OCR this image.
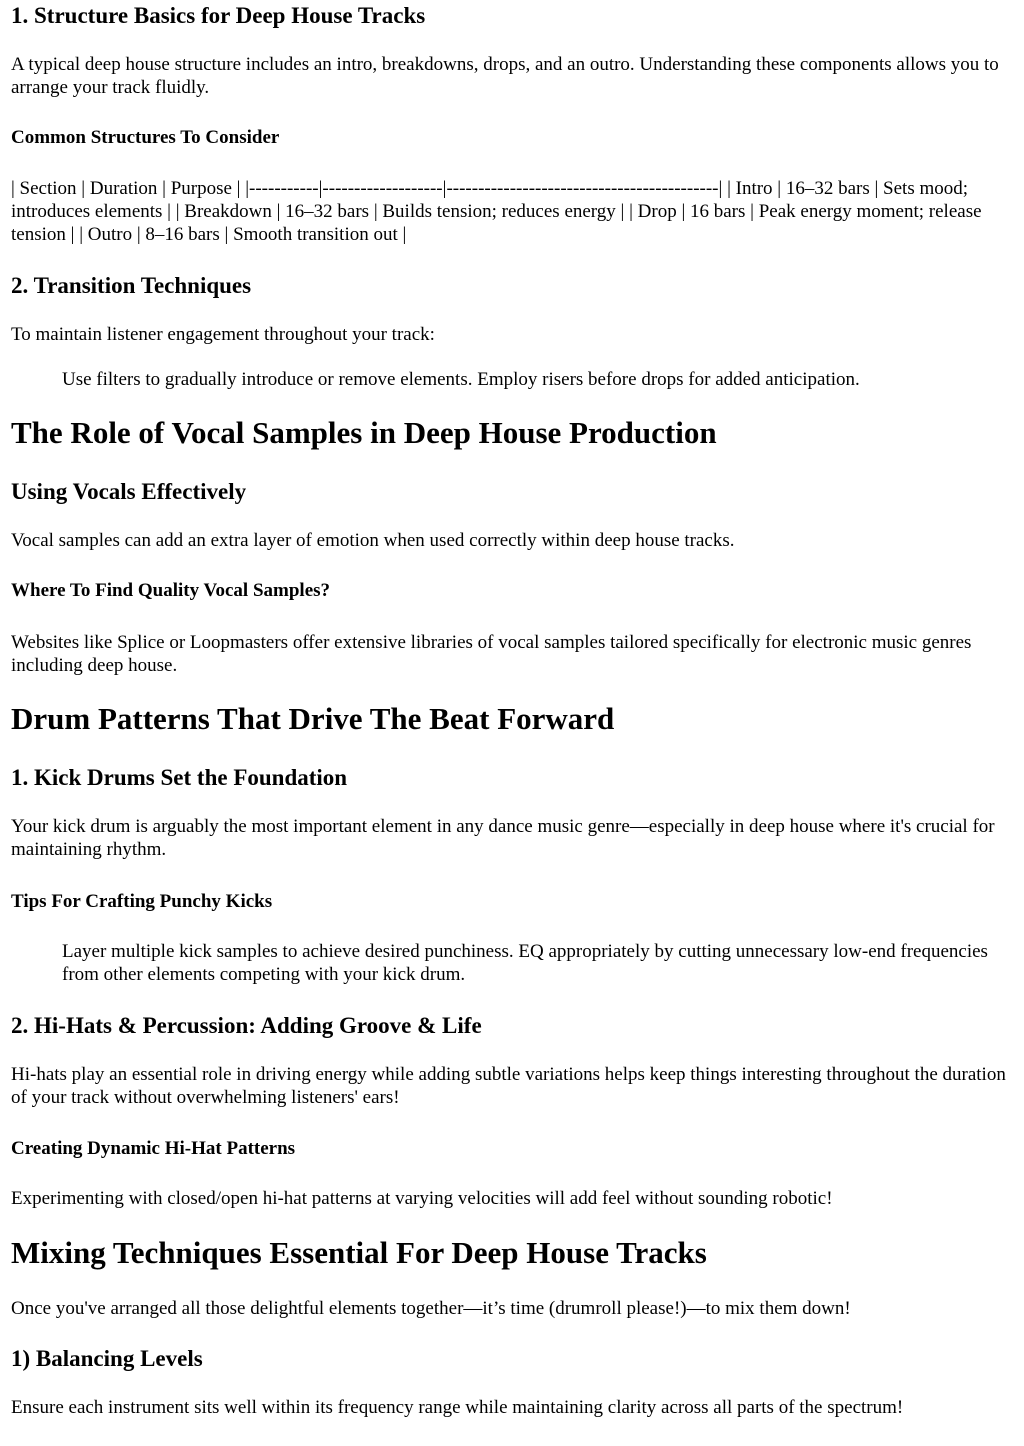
1. Structure Basics for Deep House Tracks

A typical deep house structure includes an intro, breakdowns, drops, and an outro. Understanding these components allows you to arrange your track fluidly.

Common Structures To Consider

| Section | Duration | Purpose | |-----------|-------------------|-------------------------------------------| | Intro | 16–32 bars | Sets mood; introduces elements | | Breakdown | 16–32 bars | Builds tension; reduces energy | | Drop | 16 bars | Peak energy moment; release tension | | Outro | 8–16 bars | Smooth transition out |

2. Transition Techniques

To maintain listener engagement throughout your track:

Use filters to gradually introduce or remove elements. Employ risers before drops for added anticipation.
The Role of Vocal Samples in Deep House Production
Using Vocals Effectively

Vocal samples can add an extra layer of emotion when used correctly within deep house tracks.

Where To Find Quality Vocal Samples?

Websites like Splice or Loopmasters offer extensive libraries of vocal samples tailored specifically for electronic music genres including deep house.

Drum Patterns That Drive The Beat Forward
1. Kick Drums Set the Foundation

Your kick drum is arguably the most important element in any dance music genre—especially in deep house where it's crucial for maintaining rhythm.

Tips For Crafting Punchy Kicks
Layer multiple kick samples to achieve desired punchiness. EQ appropriately by cutting unnecessary low-end frequencies from other elements competing with your kick drum.
2. Hi-Hats & Percussion: Adding Groove & Life

Hi-hats play an essential role in driving energy while adding subtle variations helps keep things interesting throughout the duration of your track without overwhelming listeners' ears!

Creating Dynamic Hi-Hat Patterns

Experimenting with closed/open hi-hat patterns at varying velocities will add feel without sounding robotic!

Mixing Techniques Essential For Deep House Tracks

Once you've arranged all those delightful elements together—it’s time (drumroll please!)—to mix them down!

1) Balancing Levels

Ensure each instrument sits well within its frequency range while maintaining clarity across all parts of the spectrum!
